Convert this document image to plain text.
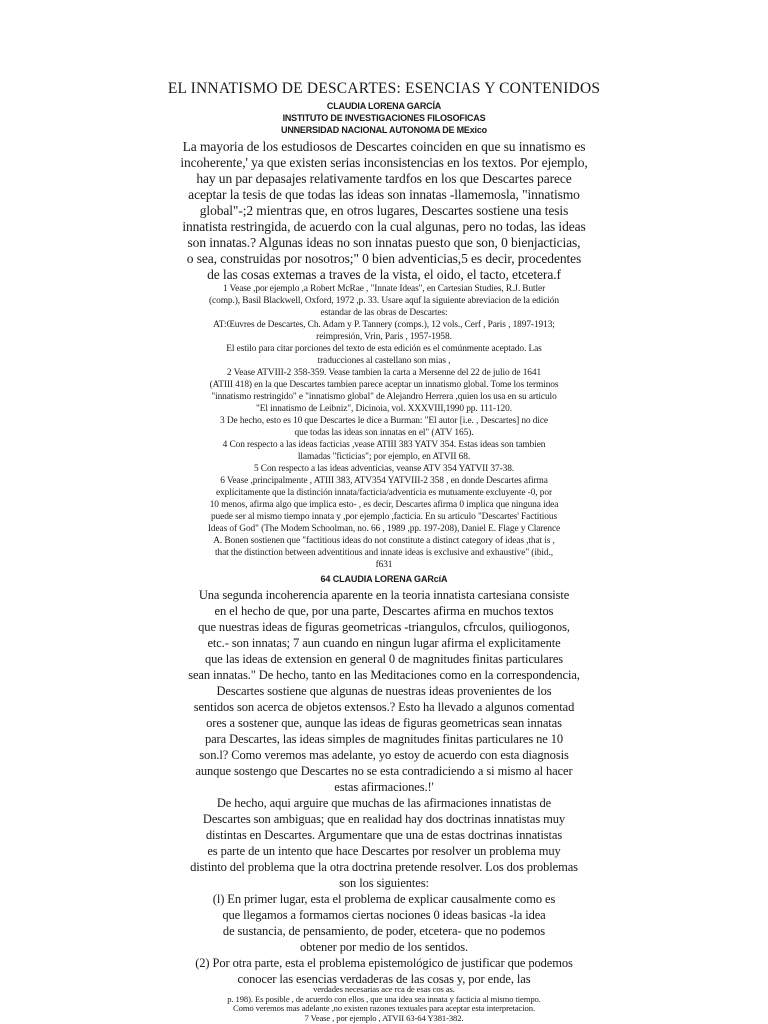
EL INNATISMO DE DESCARTES: ESENCIAS Y CONTENIDOS
CLAUDIA LORENA GARCÍA
INSTITUTO DE INVESTIGACIONES FILOSOFICAS
UNNERSIDAD NACIONAL AUTONOMA DE MExico
La mayoria de los estudiosos de Descartes coinciden en que su innatismo es
incoherente,' ya que existen serias inconsistencias en los textos. Por ejemplo,
hay un par depasajes relativamente tardfos en los que Descartes parece
aceptar la tesis de que todas las ideas son innatas -llamemosla, "innatismo
global"-;2 mientras que, en otros lugares, Descartes sostiene una tesis
innatista restringida, de acuerdo con la cual algunas, pero no todas, las ideas
son innatas.? Algunas ideas no son innatas puesto que son, 0 bienjacticias,
o sea, construidas por nosotros;" 0 bien adventicias,5 es decir, procedentes
de las cosas extemas a traves de la vista, el oido, el tacto, etcetera.f
1 Vease ,por ejemplo ,a Robert McRae , "Innate Ideas", en Cartesian Studies, R.J. Butler
(comp.), Basil Blackwell, Oxford, 1972 ,p. 33. Usare aquf la siguiente abreviacion de la edición
estandar de las obras de Descartes:
AT:Œuvres de Descartes, Ch. Adam y P. Tannery (comps.), 12 vols., Cerf , Paris , 1897-1913;
reimpresión, Vrin, Paris , 1957-1958.
El estilo para citar porciones del texto de esta edición es el comúnmente aceptado. Las
traducciones al castellano son mias ,
2 Vease ATVIII-2 358-359. Vease tambien la carta a Mersenne del 22 de julio de 1641
(ATIII 418) en la que Descartes tambien parece aceptar un innatismo global. Tome los terminos
"innatismo restringido" e "innatismo global" de Alejandro Herrera ,quien los usa en su articulo
"El innatismo de Leibniz", Dicinoia, vol. XXXVIII,1990 pp. 111-120.
3 De hecho, esto es 10 que Descartes le dice a Burman: "El autor [i.e. , Descartes] no dice
que todas las ideas son innatas en el" (ATV 165).
4 Con respecto a las ideas facticias ,vease ATIII 383 YATV 354. Estas ideas son tambien
llamadas "ficticias"; por ejemplo, en ATVII 68.
5 Con respecto a las ideas adventicias, veanse ATV 354 YATVII 37-38.
6 Vease ,principalmente , ATIII 383, ATV354 YATVIII-2 358 , en donde Descartes afirma
explícitamente que la distinción innata/facticia/adventicia es mutuamente excluyente -0, por
10 menos, afirma algo que implica esto- , es decir, Descartes afirma 0 implica que ninguna idea
puede ser al mismo tiempo innata y ,por ejemplo ,facticia. En su articulo "Descartes' Factitious
Ideas of God" (The Modem Schoolman, no. 66 , 1989 ,pp. 197-208), Daniel E. Flage y Clarence
A. Bonen sostienen que "factitious ideas do not constitute a distinct category of ideas ,that is ,
that the distinction between adventitious and innate ideas is exclusive and exhaustive" (ibid.,
f631
64 CLAUDIA LORENA GARcíA
Una segunda incoherencia aparente en la teoria innatista cartesiana consiste
en el hecho de que, por una parte, Descartes afirma en muchos textos
que nuestras ideas de figuras geometricas -triangulos, cfrculos, quiliogonos,
etc.- son innatas; 7 aun cuando en ningun lugar afirma el explicitamente
que las ideas de extension en general 0 de magnitudes finitas particulares
sean innatas." De hecho, tanto en las Meditaciones como en la correspondencia,
Descartes sostiene que algunas de nuestras ideas provenientes de los
sentidos son acerca de objetos extensos.? Esto ha llevado a algunos comentad
ores a sostener que, aunque las ideas de figuras geometricas sean innatas
para Descartes, las ideas simples de magnitudes finitas particulares ne 10
son.l? Como veremos mas adelante, yo estoy de acuerdo con esta diagnosis
aunque sostengo que Descartes no se esta contradiciendo a si mismo al hacer
estas afirmaciones.!'
De hecho, aqui arguire que muchas de las afirmaciones innatistas de
Descartes son ambiguas; que en realidad hay dos doctrinas innatistas muy
distintas en Descartes. Argumentare que una de estas doctrinas innatistas
es parte de un intento que hace Descartes por resolver un problema muy
distinto del problema que la otra doctrina pretende resolver. Los dos problemas
son los siguientes:
(l) En primer lugar, esta el problema de explicar causalmente como es
que llegamos a formamos ciertas nociones 0 ideas basicas -la idea
de sustancia, de pensamiento, de poder, etcetera- que no podemos
obtener por medio de los sentidos.
(2) Por otra parte, esta el problema epistemológico de justificar que podemos
conocer las esencias verdaderas de las cosas y, por ende, las
verdades necesarias ace rca de esas cos as.
p. 198). Es posible , de acuerdo con ellos , que una idea sea innata y facticia al mismo tiempo.
Como veremos mas adelante ,no existen razones textuales para aceptar esta interpretacion.
7 Vease , por ejemplo , ATVII 63-64 Y381-382.
